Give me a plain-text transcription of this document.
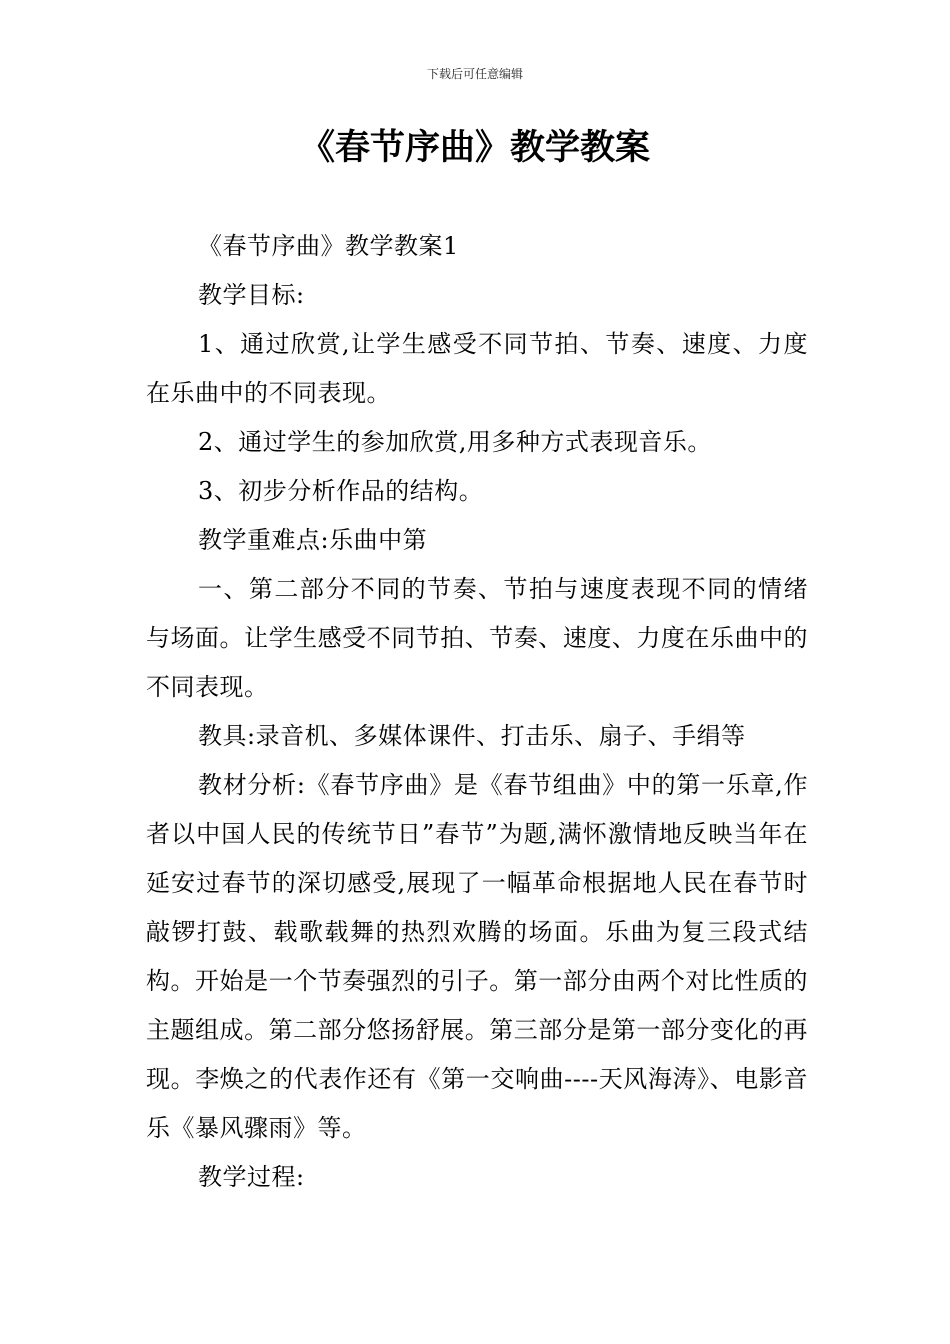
下载后可任意编辑
《春节序曲》教学教案

《春节序曲》教学教案1

教学目标:

1、通过欣赏,让学生感受不同节拍、节奏、速度、力度在乐曲中的不同表现。

2、通过学生的参加欣赏,用多种方式表现音乐。

3、初步分析作品的结构。

教学重难点:乐曲中第

一、第二部分不同的节奏、节拍与速度表现不同的情绪与场面。让学生感受不同节拍、节奏、速度、力度在乐曲中的不同表现。

教具:录音机、多媒体课件、打击乐、扇子、手绢等

教材分析:《春节序曲》是《春节组曲》中的第一乐章,作者以中国人民的传统节日”春节”为题,满怀激情地反映当年在延安过春节的深切感受,展现了一幅革命根据地人民在春节时敲锣打鼓、载歌载舞的热烈欢腾的场面。乐曲为复三段式结构。开始是一个节奏强烈的引子。第一部分由两个对比性质的主题组成。第二部分悠扬舒展。第三部分是第一部分变化的再现。李焕之的代表作还有《第一交响曲----天风海涛》、电影音乐《暴风骤雨》等。

教学过程:
